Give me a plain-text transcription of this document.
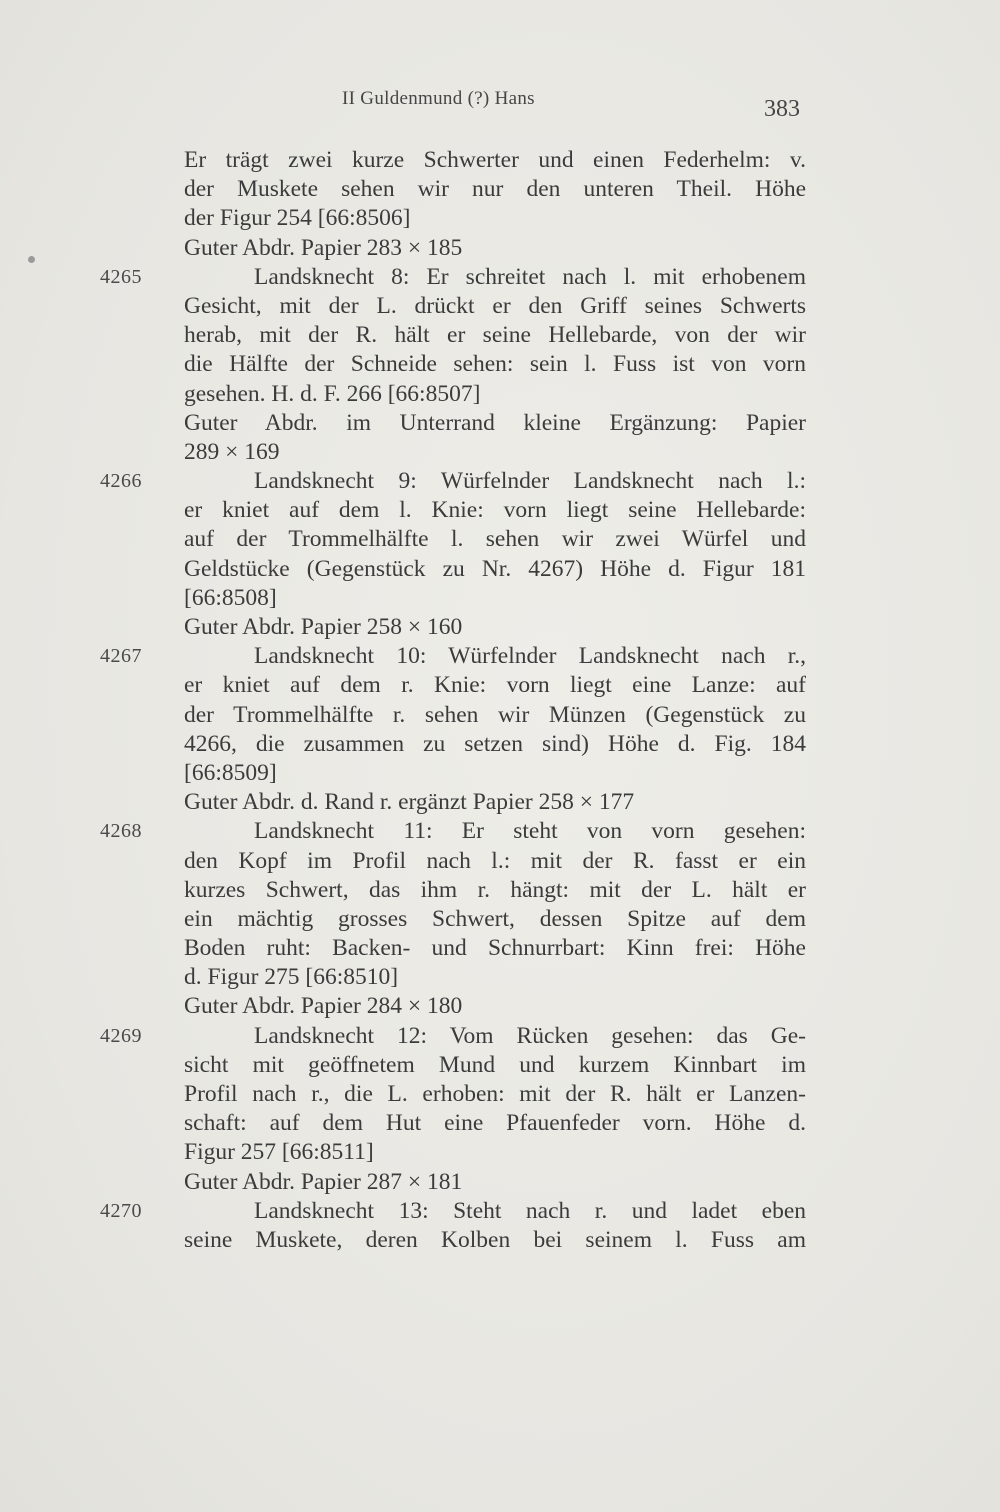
II Guldenmund (?) Hans	383
Er trägt zwei kurze Schwerter und einen Federhelm: v.
der Muskete sehen wir nur den unteren Theil. Höhe
der Figur 254 [66:8506]
Guter Abdr. Papier 283 × 185
4265	Landsknecht 8: Er schreitet nach l. mit erhobenem
Gesicht, mit der L. drückt er den Griff seines Schwerts
herab, mit der R. hält er seine Hellebarde, von der wir
die Hälfte der Schneide sehen: sein l. Fuss ist von vorn
gesehen. H. d. F. 266 [66:8507]
Guter Abdr. im Unterrand kleine Ergänzung: Papier
289 × 169
4266	Landsknecht 9: Würfelnder Landsknecht nach l.:
er kniet auf dem l. Knie: vorn liegt seine Hellebarde:
auf der Trommelhälfte l. sehen wir zwei Würfel und
Geldstücke (Gegenstück zu Nr. 4267) Höhe d. Figur 181
[66:8508]
Guter Abdr. Papier 258 × 160
4267	Landsknecht 10: Würfelnder Landsknecht nach r.,
er kniet auf dem r. Knie: vorn liegt eine Lanze: auf
der Trommelhälfte r. sehen wir Münzen (Gegenstück zu
4266, die zusammen zu setzen sind) Höhe d. Fig. 184
[66:8509]
Guter Abdr. d. Rand r. ergänzt Papier 258 × 177
4268	Landsknecht 11: Er steht von vorn gesehen:
den Kopf im Profil nach l.: mit der R. fasst er ein
kurzes Schwert, das ihm r. hängt: mit der L. hält er
ein mächtig grosses Schwert, dessen Spitze auf dem
Boden ruht: Backen- und Schnurrbart: Kinn frei: Höhe
d. Figur 275 [66:8510]
Guter Abdr. Papier 284 × 180
4269	Landsknecht 12: Vom Rücken gesehen: das Ge-
sicht mit geöffnetem Mund und kurzem Kinnbart im
Profil nach r., die L. erhoben: mit der R. hält er Lanzen-
schaft: auf dem Hut eine Pfauenfeder vorn. Höhe d.
Figur 257 [66:8511]
Guter Abdr. Papier 287 × 181
4270	Landsknecht 13: Steht nach r. und ladet eben
seine Muskete, deren Kolben bei seinem l. Fuss am
